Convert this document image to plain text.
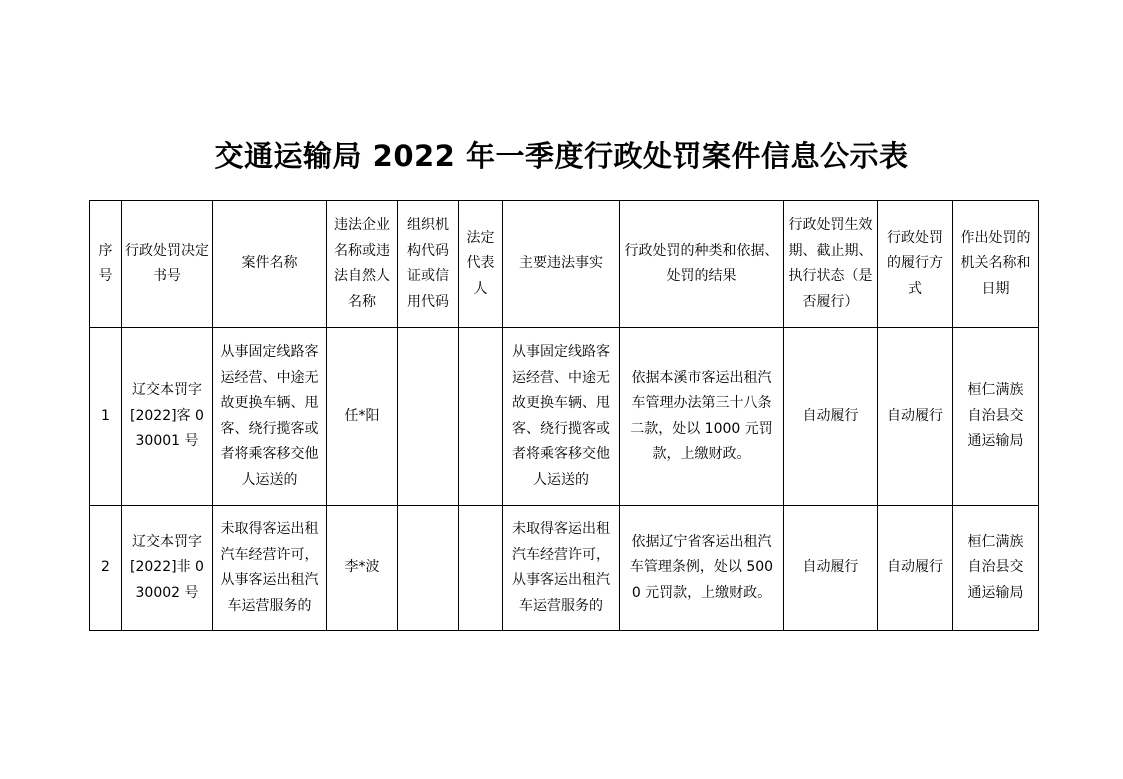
交通运输局 2022 年一季度行政处罚案件信息公示表
序号	行政处罚决定书号	案件名称	违法企业名称或违法自然人名称	组织机构代码证或信用代码	法定代表人	主要违法事实	行政处罚的种类和依据、处罚的结果	行政处罚生效期、截止期、执行状态（是否履行）	行政处罚的履行方式	作出处罚的机关名称和日期
1	辽交本罚字[2022]客 030001 号	从事固定线路客运经营、中途无故更换车辆、甩客、绕行揽客或者将乘客移交他人运送的	任*阳			从事固定线路客运经营、中途无故更换车辆、甩客、绕行揽客或者将乘客移交他人运送的	依据本溪市客运出租汽车管理办法第三十八条二款，处以 1000 元罚款，上缴财政。	自动履行	自动履行	桓仁满族自治县交通运输局
2	辽交本罚字[2022]非 030002 号	未取得客运出租汽车经营许可，从事客运出租汽车运营服务的	李*波			未取得客运出租汽车经营许可，从事客运出租汽车运营服务的	依据辽宁省客运出租汽车管理条例，处以 5000 元罚款，上缴财政。	自动履行	自动履行	桓仁满族自治县交通运输局
